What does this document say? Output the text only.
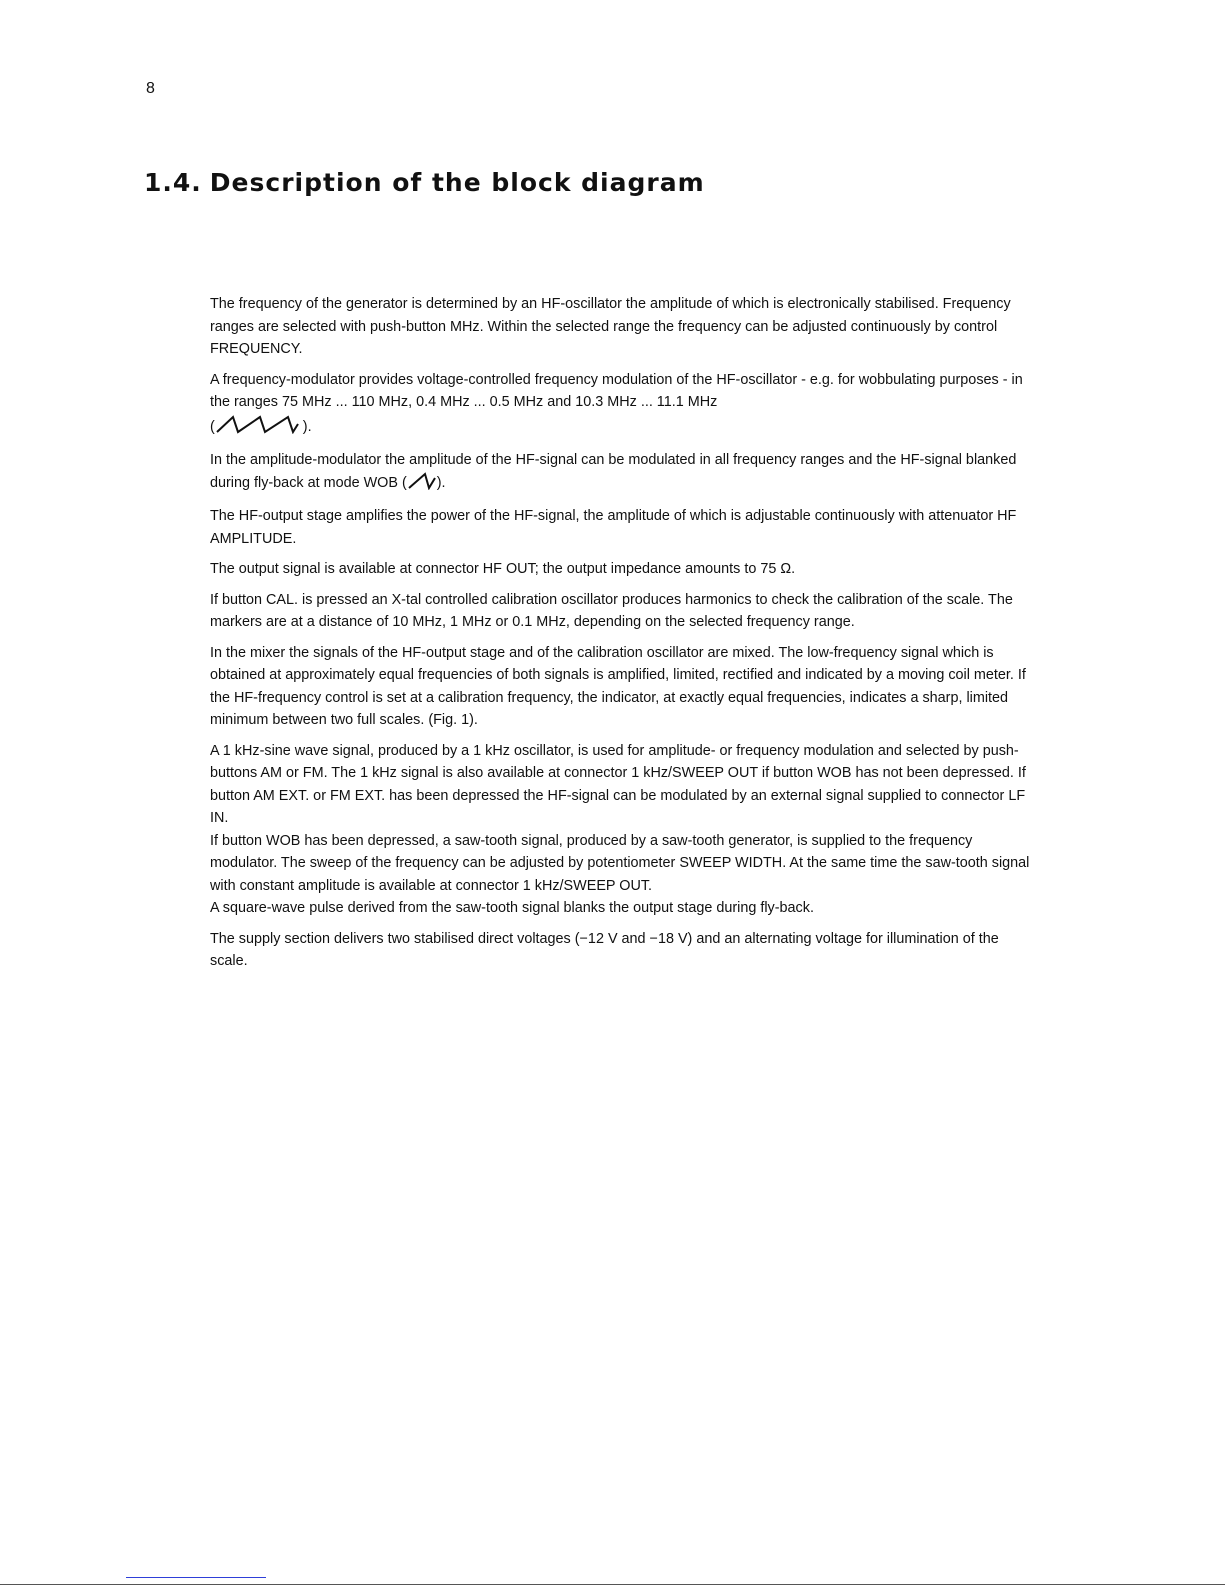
8
1.4. Description of the block diagram

The frequency of the generator is determined by an HF-oscillator the amplitude of which is electronically stabilised. Frequency ranges are selected with push-button MHz. Within the selected range the frequency can be adjusted continuously by control FREQUENCY.

A frequency-modulator provides voltage-controlled frequency modulation of the HF-oscillator - e.g. for wobbulating purposes - in the ranges 75 MHz ... 110 MHz, 0.4 MHz ... 0.5 MHz and 10.3 MHz ... 11.1 MHz
(	).

In the amplitude-modulator the amplitude of the HF-signal can be modulated in all frequency ranges and the HF-signal blanked during fly-back at mode WOB ( ).

The HF-output stage amplifies the power of the HF-signal, the amplitude of which is adjustable continuously with attenuator HF AMPLITUDE.

The output signal is available at connector HF OUT; the output impedance amounts to 75 Ω.

If button CAL. is pressed an X-tal controlled calibration oscillator produces harmonics to check the calibration of the scale. The markers are at a distance of 10 MHz, 1 MHz or 0.1 MHz, depending on the selected frequency range.

In the mixer the signals of the HF-output stage and of the calibration oscillator are mixed. The low-frequency signal which is obtained at approximately equal frequencies of both signals is amplified, limited, rectified and indicated by a moving coil meter. If the HF-frequency control is set at a calibration frequency, the indicator, at exactly equal frequencies, indicates a sharp, limited minimum between two full scales. (Fig. 1).

A 1 kHz-sine wave signal, produced by a 1 kHz oscillator, is used for amplitude- or frequency modulation and selected by push-buttons AM or FM. The 1 kHz signal is also available at connector 1 kHz/SWEEP OUT if button WOB has not been depressed. If button AM EXT. or FM EXT. has been depressed the HF-signal can be modulated by an external signal supplied to connector LF IN.

If button WOB has been depressed, a saw-tooth signal, produced by a saw-tooth generator, is supplied to the frequency modulator. The sweep of the frequency can be adjusted by potentiometer SWEEP WIDTH. At the same time the saw-tooth signal with constant amplitude is available at connector 1 kHz/SWEEP OUT.

A square-wave pulse derived from the saw-tooth signal blanks the output stage during fly-back.

The supply section delivers two stabilised direct voltages (−12 V and −18 V) and an alternating voltage for illumination of the scale.
